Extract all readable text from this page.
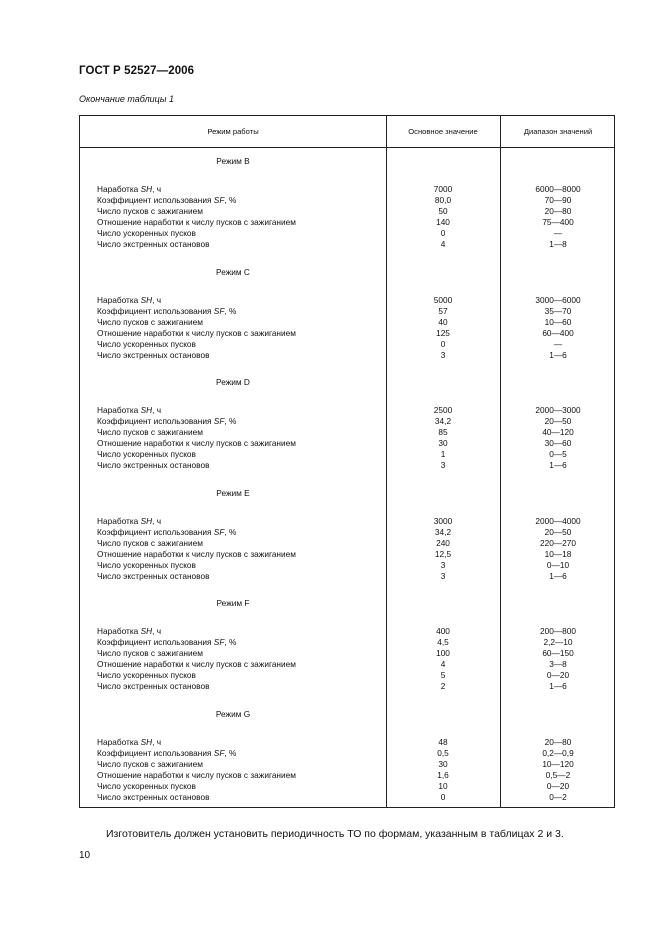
ГОСТ Р 52527—2006
Окончание таблицы 1
Режим работы	Основное значение	Диапазон значений
Режим В
Наработка SH, ч	7000	6000—8000
Коэффициент использования SF, %	80,0	70—90
Число пусков с зажиганием	50	20—80
Отношение наработки к числу пусков с зажиганием	140	75—400
Число ускоренных пусков	0	—
Число экстренных остановов	4	1—8
Режим С
Наработка SH, ч	5000	3000—6000
Коэффициент использования SF, %	57	35—70
Число пусков с зажиганием	40	10—60
Отношение наработки к числу пусков с зажиганием	125	60—400
Число ускоренных пусков	0	—
Число экстренных остановов	3	1—6
Режим D
Наработка SH, ч	2500	2000—3000
Коэффициент использования SF, %	34,2	20—50
Число пусков с зажиганием	85	40—120
Отношение наработки к числу пусков с зажиганием	30	30—60
Число ускоренных пусков	1	0—5
Число экстренных остановов	3	1—6
Режим Е
Наработка SH, ч	3000	2000—4000
Коэффициент использования SF, %	34,2	20—50
Число пусков с зажиганием	240	220—270
Отношение наработки к числу пусков с зажиганием	12,5	10—18
Число ускоренных пусков	3	0—10
Число экстренных остановов	3	1—6
Режим F
Наработка SH, ч	400	200—800
Коэффициент использования SF, %	4,5	2,2—10
Число пусков с зажиганием	100	60—150
Отношение наработки к числу пусков с зажиганием	4	3—8
Число ускоренных пусков	5	0—20
Число экстренных остановов	2	1—6
Режим G
Наработка SH, ч	48	20—80
Коэффициент использования SF, %	0,5	0,2—0,9
Число пусков с зажиганием	30	10—120
Отношение наработки к числу пусков с зажиганием	1,6	0,5—2
Число ускоренных пусков	10	0—20
Число экстренных остановов	0	0—2
Изготовитель должен установить периодичность ТО по формам, указанным в таблицах 2 и 3.
10
